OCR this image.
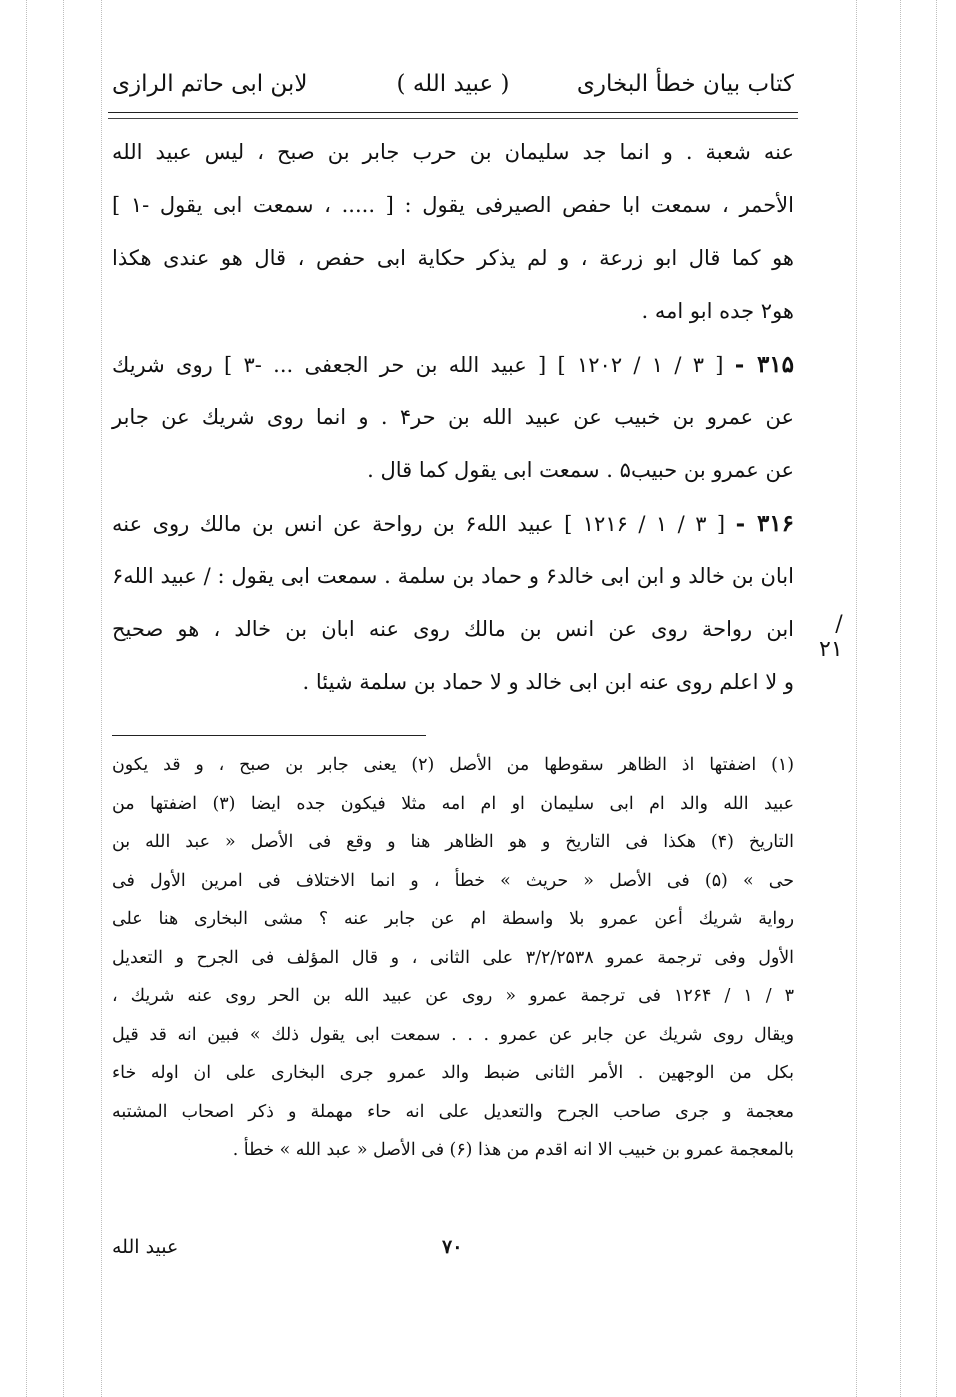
كتاب بيان خطأ البخارى
( عبيد الله )
لابن ابى حاتم الرازى
عنه شعبة . و انما جد سليمان بن حرب جابر بن صبح ، ليس عبيد الله
الأحمر ، سمعت ابا حفص الصيرفى يقول : [ ..... ، سمعت ابى يقول -۱ ]
هو كما قال ابو زرعة ، و لم يذكر حكاية ابى حفص ، قال هو عندى هكذا
هو۲ جده ابو امه .
۳۱۵ - [ ۳ / ۱ / ۱۲۰۲ ] [ عبيد الله بن حر الجعفى ... -۳ ] روى شريك
عن عمرو بن خبيب عن عبيد الله بن حر۴ . و انما روى شريك عن جابر
عن عمرو بن حبيب۵ . سمعت ابى يقول كما قال .
۳۱۶ - [ ۳ / ۱ / ۱۲۱۶ ] عبيد الله۶ بن رواحة عن انس بن مالك روى عنه
ابان بن خالد و ابن ابى خالد۶ و حماد بن سلمة . سمعت ابى يقول : / عبيد الله۶
ابن رواحة روى عن انس بن مالك روى عنه ابان بن خالد ، هو صحيح
و لا اعلم روى عنه ابن ابى خالد و لا حماد بن سلمة شيئا .
/۲۱
(۱) اضفتها اذ الظاهر سقوطها من الأصل (۲) يعنى جابر بن صبح ، و قد يكون
عبيد الله والد ام ابى سليمان او ام امه مثلا فيكون جده ايضا (۳) اضفتها من
التاريخ (۴) هكذا فى التاريخ و هو الظاهر هنا و وقع فى الأصل « عبد الله بن
حى » (۵) فى الأصل « حريث » خطأ ، و انما الاختلاف فى امرين الأول فى
رواية شريك أعن عمرو بلا واسطة ام عن جابر عنه ؟ مشى البخارى هنا على
الأول وفى ترجمة عمرو ۳/۲/۲۵۳۸ على الثانى ، و قال المؤلف فى الجرح و التعديل
۳ / ۱ / ۱۲۶۴ فى ترجمة عمرو « روى عن عبيد الله بن الحر روى عنه شريك ،
ويقال روى شريك عن جابر عن عمرو . . . سمعت ابى يقول ذلك » فبين انه قد قيل
بكل من الوجهين . الأمر الثانى ضبط والد عمرو جرى البخارى على ان اوله خاء
معجمة و جرى صاحب الجرح والتعديل على انه حاء مهملة و ذكر اصحاب المشتبه
بالمعجمة عمرو بن خبيب الا انه اقدم من هذا (۶) فى الأصل « عبد الله » خطأ .
۷۰
عبيد الله
